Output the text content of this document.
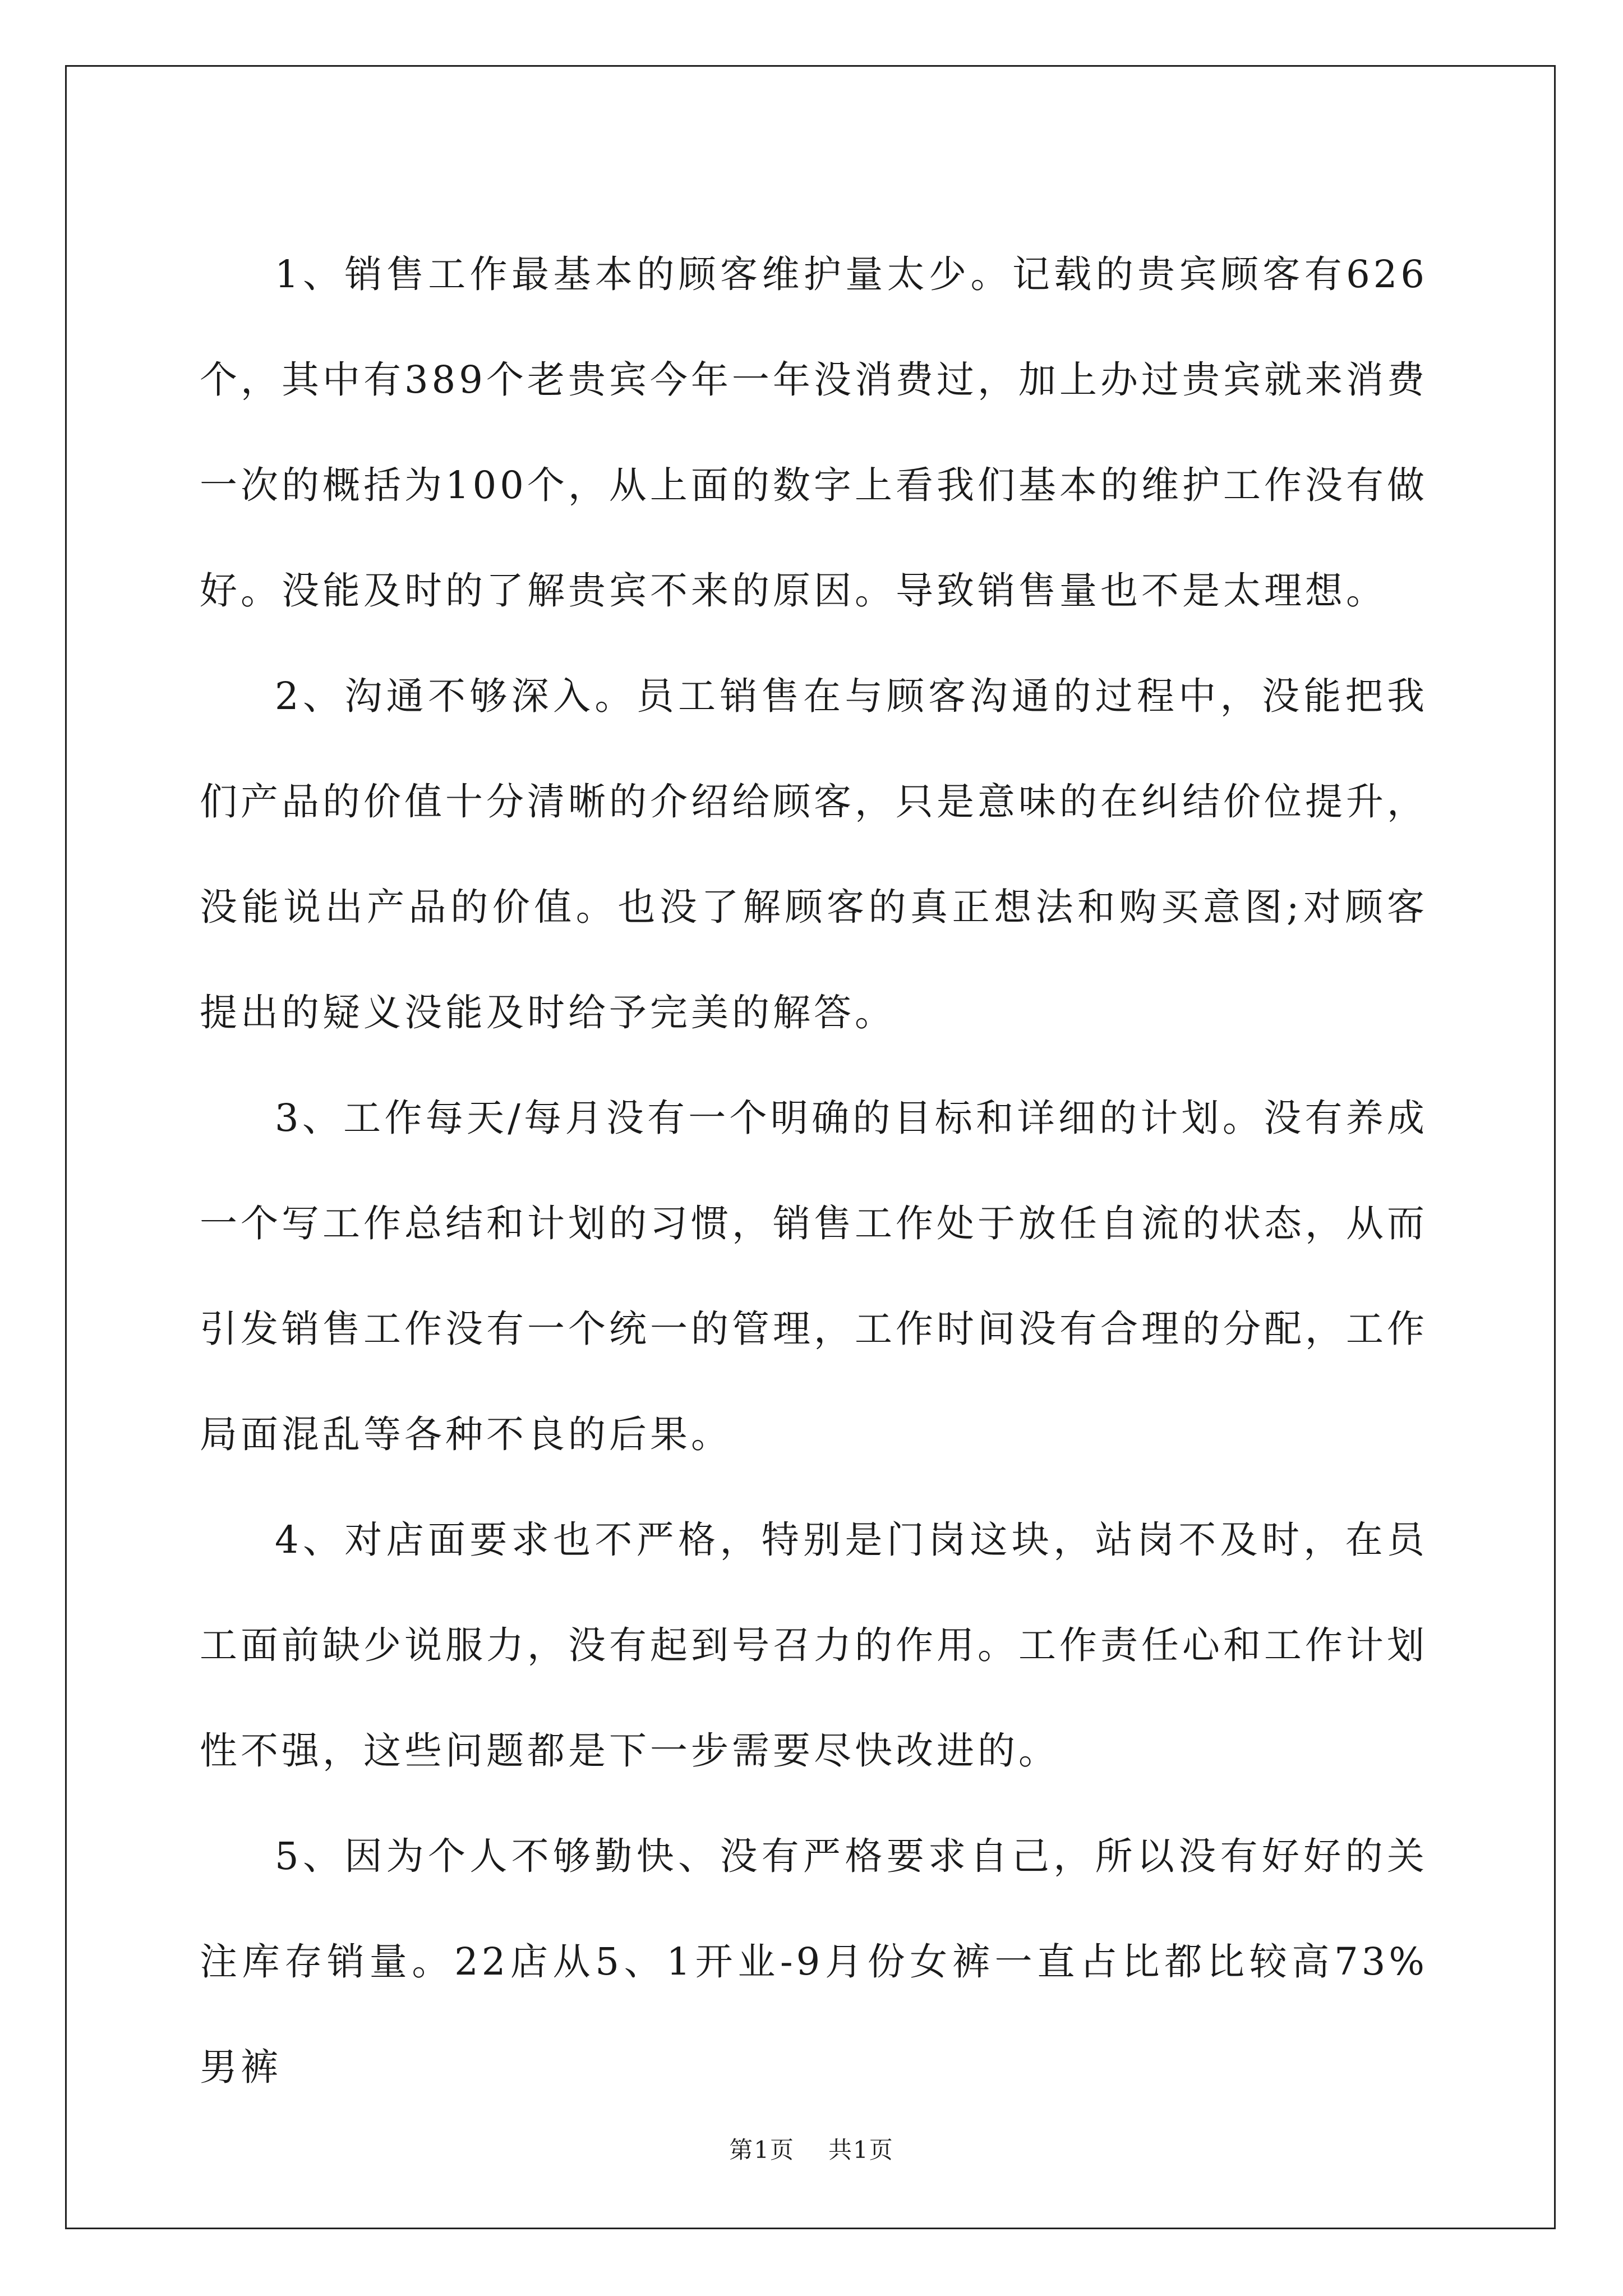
1、销售工作最基本的顾客维护量太少。记载的贵宾顾客有626个，其中有389个老贵宾今年一年没消费过，加上办过贵宾就来消费一次的概括为100个，从上面的数字上看我们基本的维护工作没有做好。没能及时的了解贵宾不来的原因。导致销售量也不是太理想。

2、沟通不够深入。员工销售在与顾客沟通的过程中，没能把我们产品的价值十分清晰的介绍给顾客，只是意味的在纠结价位提升，没能说出产品的价值。也没了解顾客的真正想法和购买意图;对顾客提出的疑义没能及时给予完美的解答。

3、工作每天/每月没有一个明确的目标和详细的计划。没有养成一个写工作总结和计划的习惯，销售工作处于放任自流的状态，从而引发销售工作没有一个统一的管理，工作时间没有合理的分配，工作局面混乱等各种不良的后果。

4、对店面要求也不严格，特别是门岗这块，站岗不及时，在员工面前缺少说服力，没有起到号召力的作用。工作责任心和工作计划性不强，这些问题都是下一步需要尽快改进的。

5、因为个人不够勤快、没有严格要求自己，所以没有好好的关注库存销量。22店从5、1开业-9月份女裤一直占比都比较高73%男裤

第1页 共1页
